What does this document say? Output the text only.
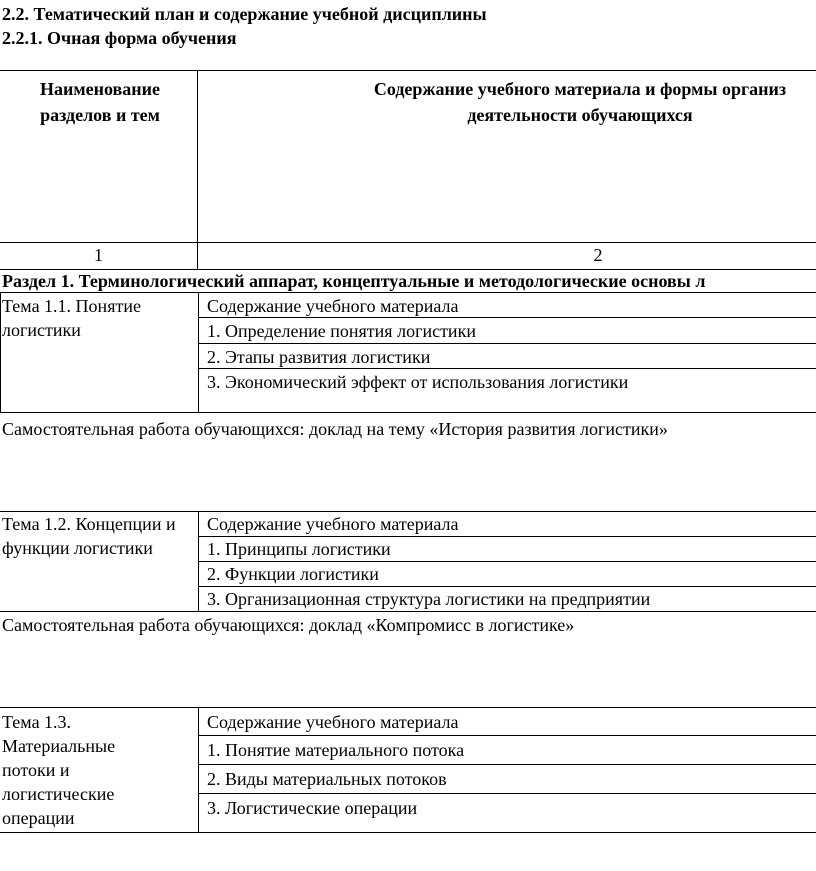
2.2. Тематический план и содержание учебной дисциплины
2.2.1. Очная форма обучения
Наименование разделов и тем
Содержание учебного материала и формы организ деятельности обучающихся
1	2
Раздел 1. Терминологический аппарат, концептуальные и методологические основы л
Тема 1.1. Понятие логистики
Содержание учебного материала
1. Определение понятия логистики
2. Этапы развития логистики
3. Экономический эффект от использования логистики
Самостоятельная работа обучающихся: доклад на тему «История развития логистики»
Тема 1.2. Концепции и функции логистики
Содержание учебного материала
1. Принципы логистики
2. Функции логистики
3. Организационная структура логистики на предприятии
Самостоятельная работа обучающихся: доклад «Компромисс в логистике»
Тема 1.3. Материальные потоки и логистические операции
Содержание учебного материала
1. Понятие материального потока
2. Виды материальных потоков
3. Логистические операции
